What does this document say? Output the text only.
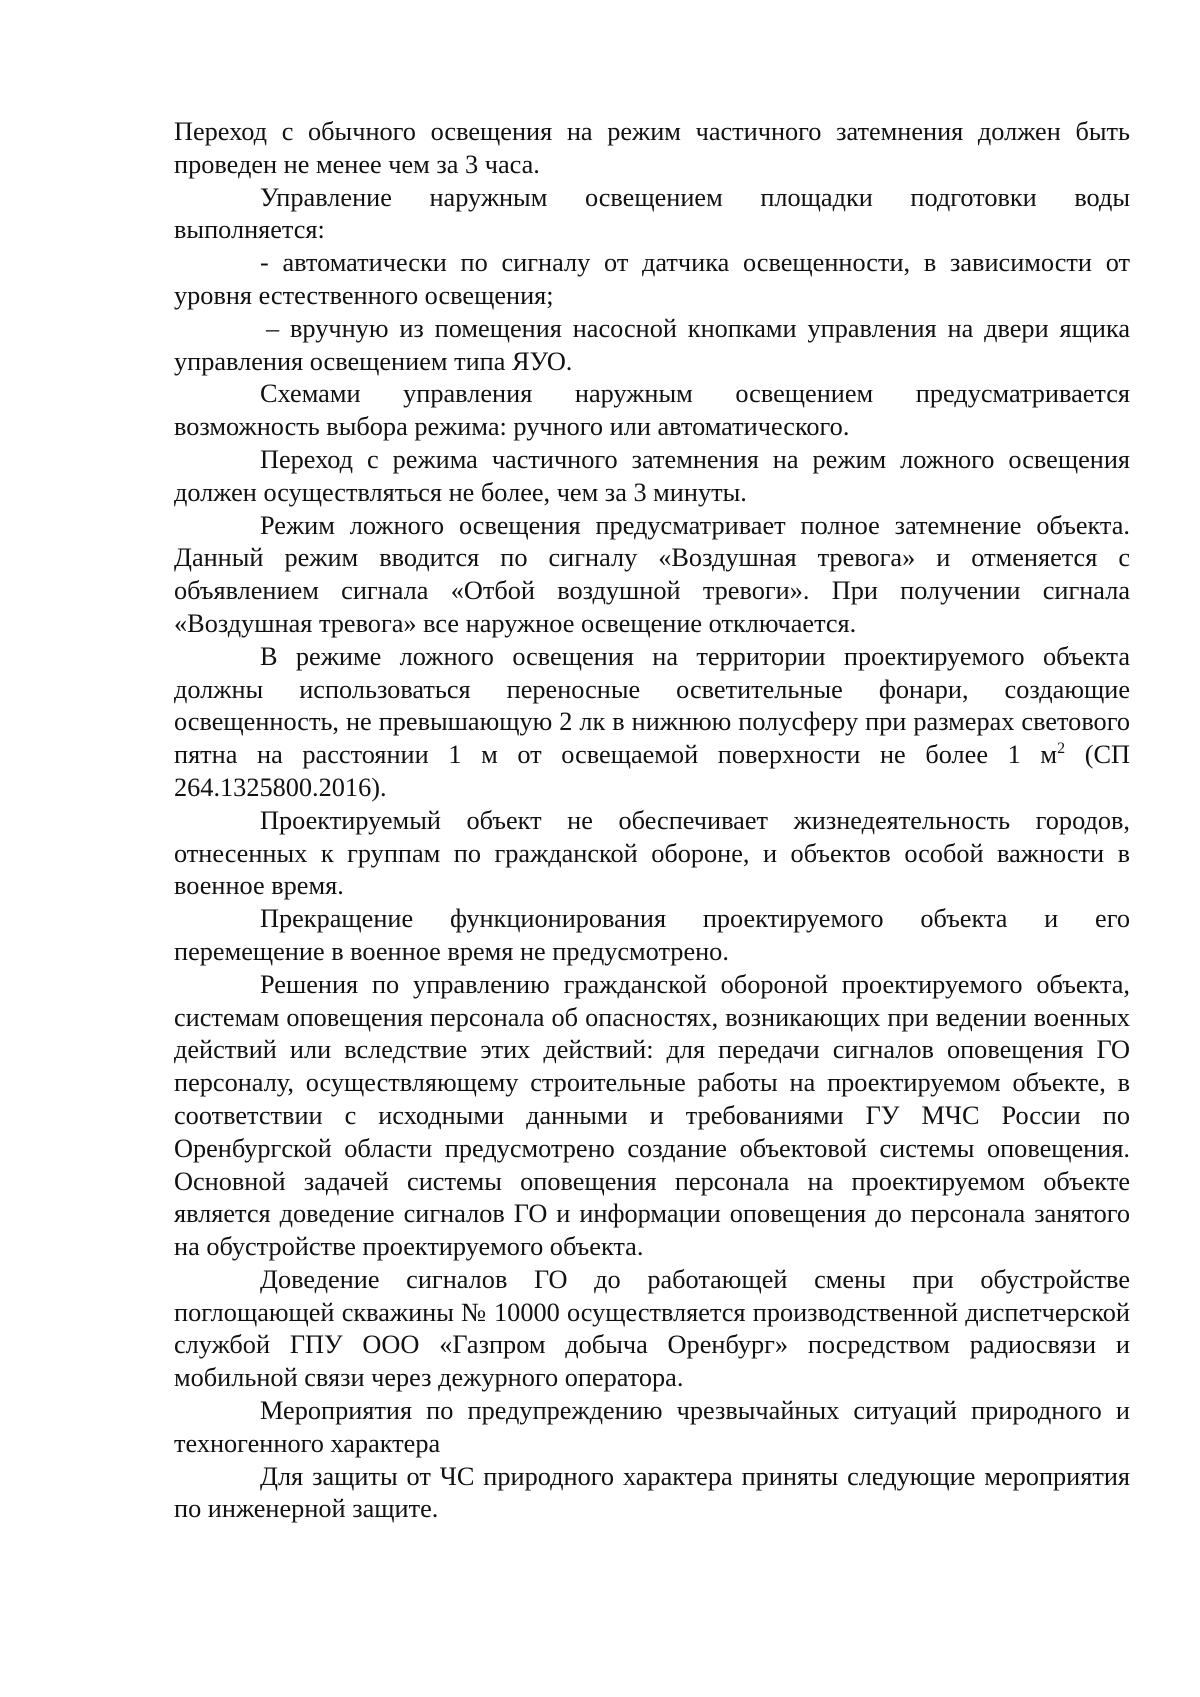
Переход с обычного освещения на режим частичного затемнения должен быть проведен не менее чем за 3 часа.

Управление наружным освещением площадки подготовки воды выполняется:

- автоматически по сигналу от датчика освещенности, в зависимости от уровня естественного освещения;

– вручную из помещения насосной кнопками управления на двери ящика управления освещением типа ЯУО.

Схемами управления наружным освещением предусматривается возможность выбора режима: ручного или автоматического.

Переход с режима частичного затемнения на режим ложного освещения должен осуществляться не более, чем за 3 минуты.

Режим ложного освещения предусматривает полное затемнение объекта. Данный режим вводится по сигналу «Воздушная тревога» и отменяется с объявлением сигнала «Отбой воздушной тревоги». При получении сигнала «Воздушная тревога» все наружное освещение отключается.

В режиме ложного освещения на территории проектируемого объекта должны использоваться переносные осветительные фонари, создающие освещенность, не превышающую 2 лк в нижнюю полусферу при размерах светового пятна на расстоянии 1 м от освещаемой поверхности не более 1 $м^2$ (СП 264.1325800.2016).

Проектируемый объект не обеспечивает жизнедеятельность городов, отнесенных к группам по гражданской обороне, и объектов особой важности в военное время.

Прекращение функционирования проектируемого объекта и его перемещение в военное время не предусмотрено.

Решения по управлению гражданской обороной проектируемого объекта, системам оповещения персонала об опасностях, возникающих при ведении военных действий или вследствие этих действий: для передачи сигналов оповещения ГО персоналу, осуществляющему строительные работы на проектируемом объекте, в соответствии с исходными данными и требованиями ГУ МЧС России по Оренбургской области предусмотрено создание объектовой системы оповещения. Основной задачей системы оповещения персонала на проектируемом объекте является доведение сигналов ГО и информации оповещения до персонала занятого на обустройстве проектируемого объекта.

Доведение сигналов ГО до работающей смены при обустройстве поглощающей скважины № 10000 осуществляется производственной диспетчерской службой ГПУ ООО «Газпром добыча Оренбург» посредством радиосвязи и мобильной связи через дежурного оператора.

Мероприятия по предупреждению чрезвычайных ситуаций природного и техногенного характера

Для защиты от ЧС природного характера приняты следующие мероприятия по инженерной защите.
